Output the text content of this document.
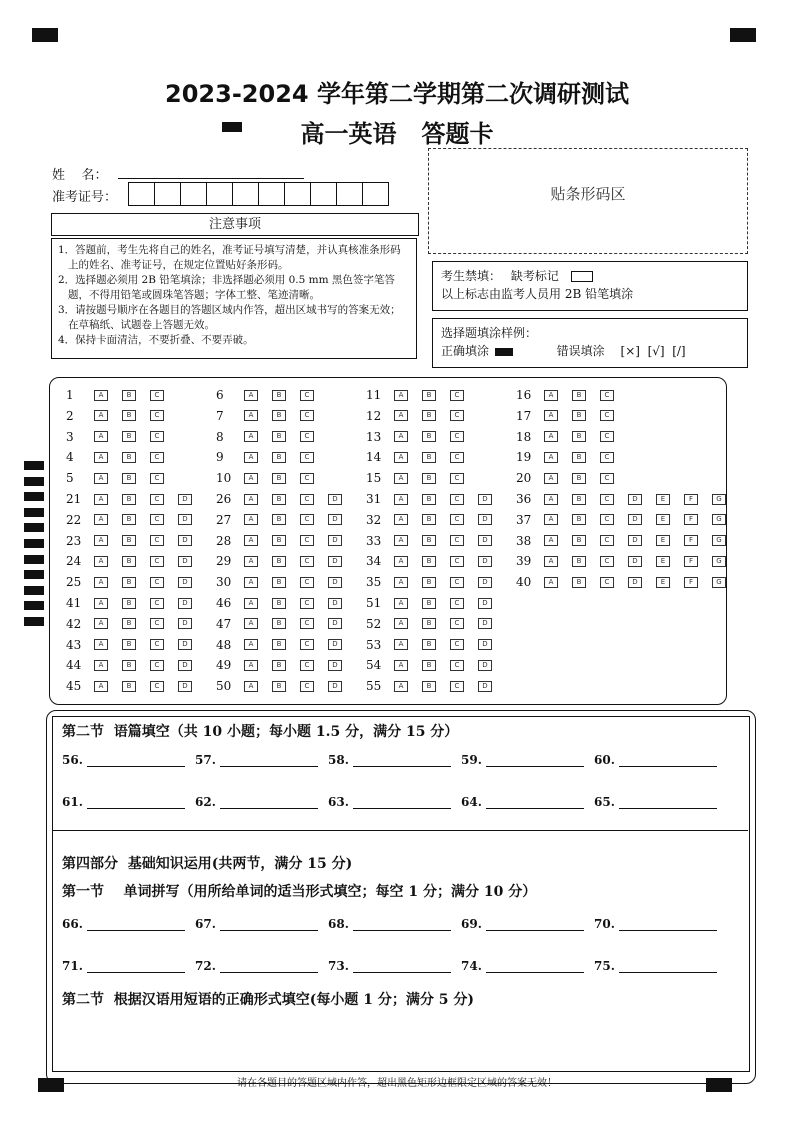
2023-2024 学年第二学期第二次调研测试
高一英语   答题卡
姓    名：
准考证号：	贴条形码区
注意事项
1．答题前，考生先将自己的姓名，准考证号填写清楚，并认真核准条形码上的姓名、准考证号，在规定位置贴好条形码。
2．选择题必须用 2B 铅笔填涂；非选择题必须用 0.5 mm 黑色签字笔答题，不得用铅笔或圆珠笔答题；字体工整、笔迹清晰。
3．请按题号顺序在各题目的答题区域内作答，超出区域书写的答案无效；在草稿纸、试题卷上答题无效。
4．保持卡面清洁，不要折叠、不要弄破。
考生禁填： 缺考标记
以上标志由监考人员用 2B 铅笔填涂
选择题填涂样例：
正确填涂	错误填涂 [×]  [√]  [/]
1	A	B	C
2	A	B	C
3	A	B	C
4	A	B	C
5	A	B	C
6	A	B	C
7	A	B	C
8	A	B	C
9	A	B	C
10	A	B	C
11	A	B	C
12	A	B	C
13	A	B	C
14	A	B	C
15	A	B	C
16	A	B	C
17	A	B	C
18	A	B	C
19	A	B	C
20	A	B	C
21	A	B	C	D
22	A	B	C	D
23	A	B	C	D
24	A	B	C	D
25	A	B	C	D
26	A	B	C	D
27	A	B	C	D
28	A	B	C	D
29	A	B	C	D
30	A	B	C	D
31	A	B	C	D
32	A	B	C	D
33	A	B	C	D
34	A	B	C	D
35	A	B	C	D
36	A	B	C	D	E	F	G
37	A	B	C	D	E	F	G
38	A	B	C	D	E	F	G
39	A	B	C	D	E	F	G
40	A	B	C	D	E	F	G
41	A	B	C	D
42	A	B	C	D
43	A	B	C	D
44	A	B	C	D
45	A	B	C	D
46	A	B	C	D
47	A	B	C	D
48	A	B	C	D
49	A	B	C	D
50	A	B	C	D
51	A	B	C	D
52	A	B	C	D
53	A	B	C	D
54	A	B	C	D
55	A	B	C	D
第二节  语篇填空（共 10 小题；每小题 1.5 分，满分 15 分）
56.	57.	58.	59.	60.
61.	62.	63.	64.	65.
第四部分  基础知识运用(共两节，满分 15 分)
第一节    单词拼写（用所给单词的适当形式填空；每空 1 分；满分 10 分）
66.	67.	68.	69.	70.
71.	72.	73.	74.	75.
第二节  根据汉语用短语的正确形式填空(每小题 1 分；满分 5 分)
请在各题目的答题区域内作答，超出黑色矩形边框限定区域的答案无效！
